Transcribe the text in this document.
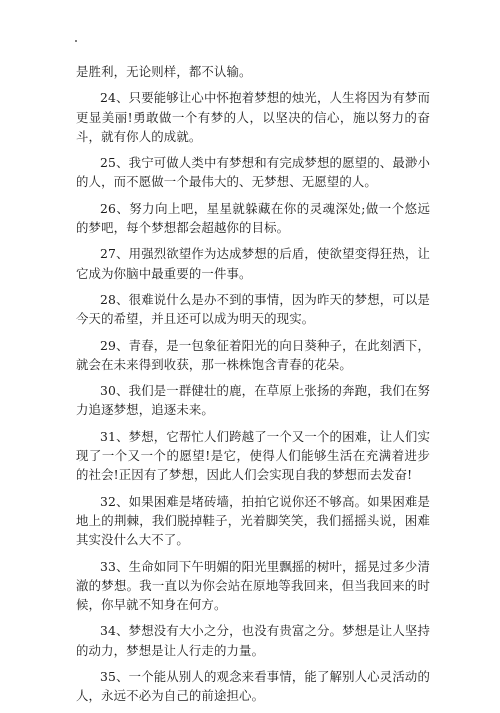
是胜利，无论则样，都不认输。

24、只要能够让心中怀抱着梦想的烛光，人生将因为有梦而更显美丽!勇敢做一个有梦的人，以坚决的信心，施以努力的奋斗，就有你人的成就。

25、我宁可做人类中有梦想和有完成梦想的愿望的、最渺小的人，而不愿做一个最伟大的、无梦想、无愿望的人。

26、努力向上吧，星星就躲藏在你的灵魂深处;做一个悠远的梦吧，每个梦想都会超越你的目标。

27、用强烈欲望作为达成梦想的后盾，使欲望变得狂热，让它成为你脑中最重要的一件事。

28、很难说什么是办不到的事情，因为昨天的梦想，可以是今天的希望，并且还可以成为明天的现实。

29、青春，是一包象征着阳光的向日葵种子，在此刻洒下，就会在未来得到收获，那一株株饱含青春的花朵。

30、我们是一群健壮的鹿，在草原上张扬的奔跑，我们在努力追逐梦想，追逐未来。

31、梦想，它帮忙人们跨越了一个又一个的困难，让人们实现了一个又一个的愿望!是它，使得人们能够生活在充满着进步的社会!正因有了梦想，因此人们会实现自我的梦想而去发奋!

32、如果困难是堵砖墙，拍拍它说你还不够高。如果困难是地上的荆棘，我们脱掉鞋子，光着脚笑笑，我们摇摇头说，困难其实没什么大不了。

33、生命如同下午明媚的阳光里飘摇的树叶，摇晃过多少清澈的梦想。我一直以为你会站在原地等我回来，但当我回来的时候，你早就不知身在何方。

34、梦想没有大小之分，也没有贵富之分。梦想是让人坚持的动力，梦想是让人行走的力量。

35、一个能从别人的观念来看事情，能了解别人心灵活动的人，永远不必为自己的前途担心。
